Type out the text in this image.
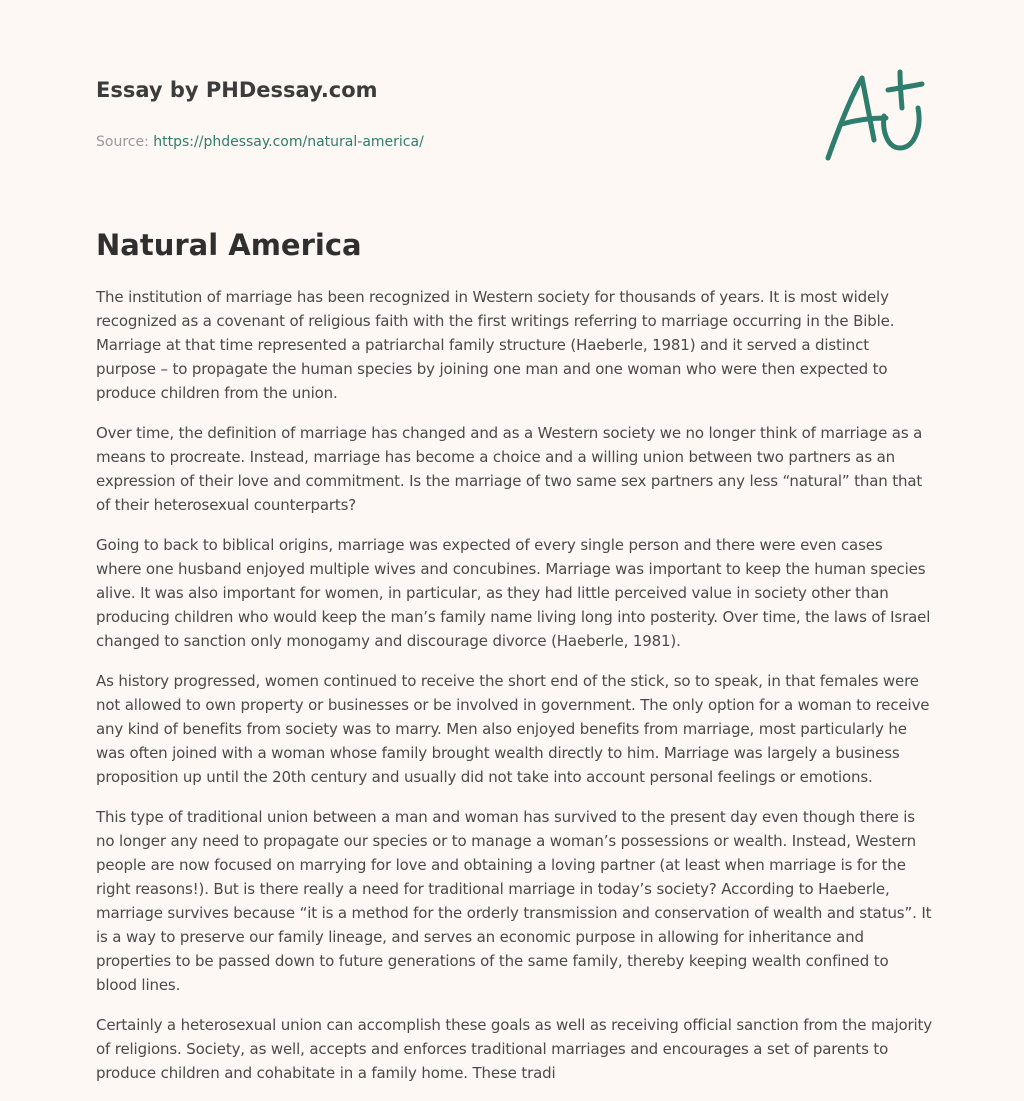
Essay by PHDessay.com
Source: https://phdessay.com/natural-america/
Natural America

The institution of marriage has been recognized in Western society for thousands of years. It is most widely recognized as a covenant of religious faith with the first writings referring to marriage occurring in the Bible. Marriage at that time represented a patriarchal family structure (Haeberle, 1981) and it served a distinct purpose – to propagate the human species by joining one man and one woman who were then expected to produce children from the union.

Over time, the definition of marriage has changed and as a Western society we no longer think of marriage as a means to procreate. Instead, marriage has become a choice and a willing union between two partners as an expression of their love and commitment. Is the marriage of two same sex partners any less “natural” than that of their heterosexual counterparts?

Going to back to biblical origins, marriage was expected of every single person and there were even cases where one husband enjoyed multiple wives and concubines. Marriage was important to keep the human species alive. It was also important for women, in particular, as they had little perceived value in society other than producing children who would keep the man’s family name living long into posterity. Over time, the laws of Israel changed to sanction only monogamy and discourage divorce (Haeberle, 1981).

As history progressed, women continued to receive the short end of the stick, so to speak, in that females were not allowed to own property or businesses or be involved in government. The only option for a woman to receive any kind of benefits from society was to marry. Men also enjoyed benefits from marriage, most particularly he was often joined with a woman whose family brought wealth directly to him. Marriage was largely a business proposition up until the 20th century and usually did not take into account personal feelings or emotions.

This type of traditional union between a man and woman has survived to the present day even though there is no longer any need to propagate our species or to manage a woman’s possessions or wealth. Instead, Western people are now focused on marrying for love and obtaining a loving partner (at least when marriage is for the right reasons!). But is there really a need for traditional marriage in today’s society? According to Haeberle, marriage survives because “it is a method for the orderly transmission and conservation of wealth and status”. It is a way to preserve our family lineage, and serves an economic purpose in allowing for inheritance and properties to be passed down to future generations of the same family, thereby keeping wealth confined to blood lines.

Certainly a heterosexual union can accomplish these goals as well as receiving official sanction from the majority of religions. Society, as well, accepts and enforces traditional marriages and encourages a set of parents to produce children and cohabitate in a family home. These tradi
